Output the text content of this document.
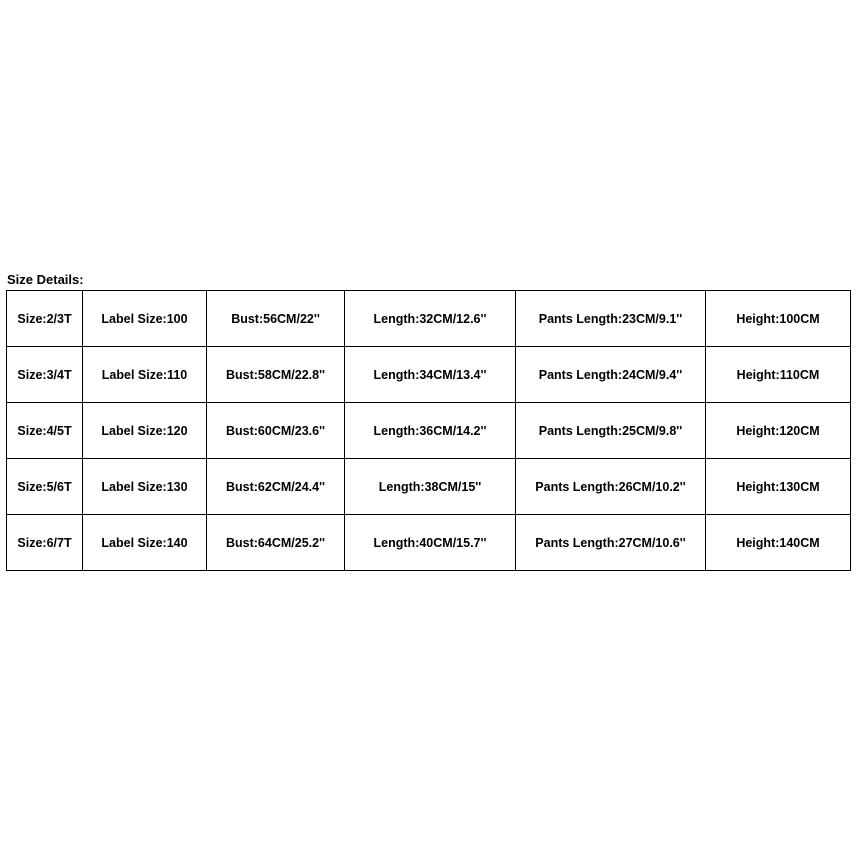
Size Details:
Size:2/3T	Label Size:100	Bust:56CM/22''	Length:32CM/12.6''	Pants Length:23CM/9.1''	Height:100CM
Size:3/4T	Label Size:110	Bust:58CM/22.8''	Length:34CM/13.4''	Pants Length:24CM/9.4''	Height:110CM
Size:4/5T	Label Size:120	Bust:60CM/23.6''	Length:36CM/14.2''	Pants Length:25CM/9.8''	Height:120CM
Size:5/6T	Label Size:130	Bust:62CM/24.4''	Length:38CM/15''	Pants Length:26CM/10.2''	Height:130CM
Size:6/7T	Label Size:140	Bust:64CM/25.2''	Length:40CM/15.7''	Pants Length:27CM/10.6''	Height:140CM
